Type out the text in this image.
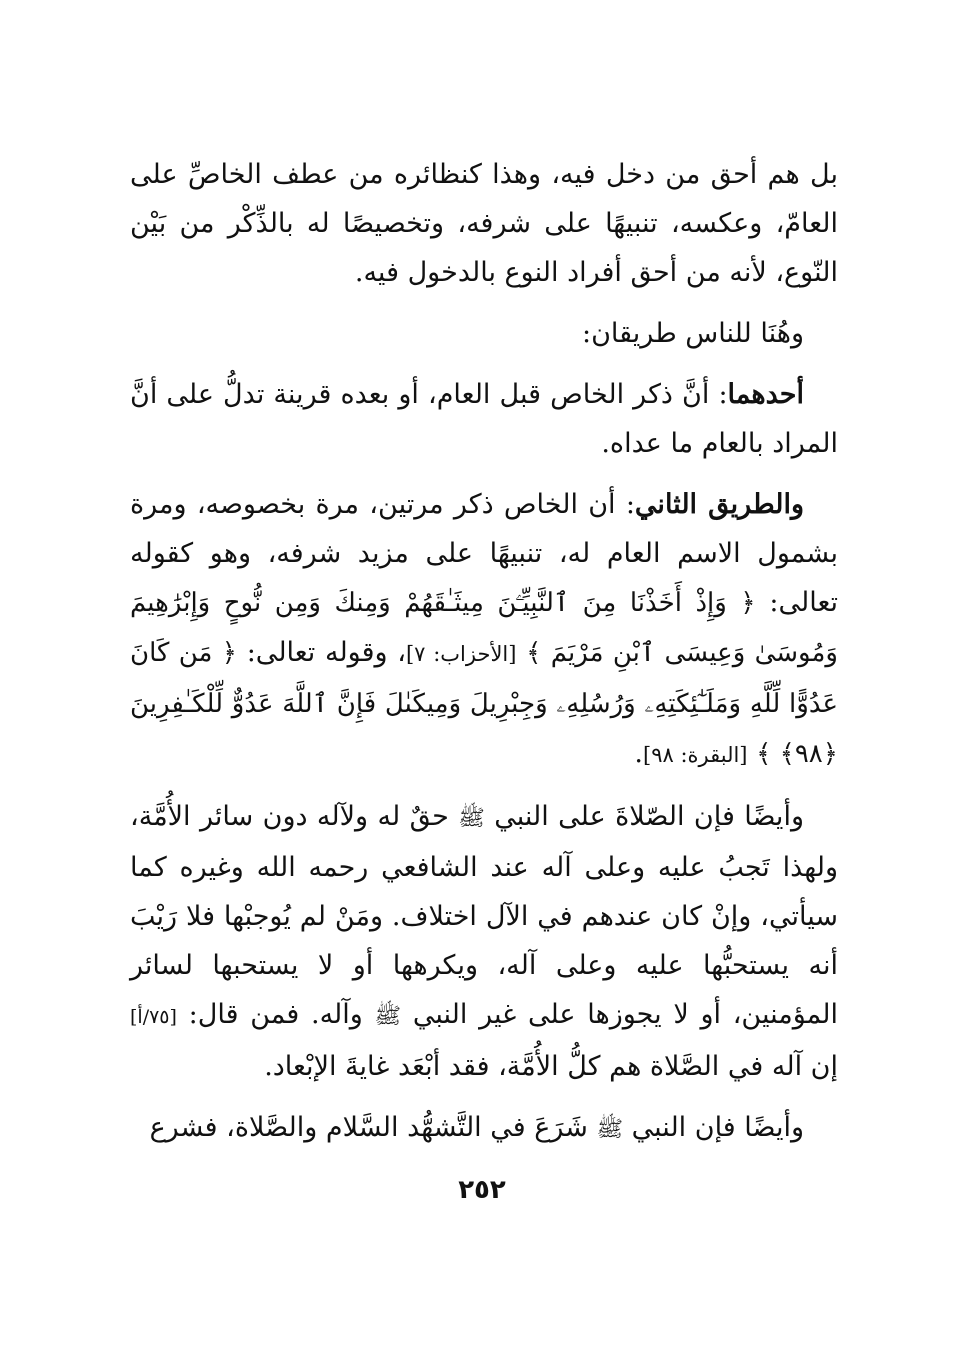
بل هم أحق من دخل فيه، وهذا كنظائره من عطف الخاصِّ على العامّ، وعكسه، تنبيهًا على شرفه، وتخصيصًا له بالذِّكْر من بَيْن النّوع، لأنه من أحق أفراد النوع بالدخول فيه.

وهُنَا للناس طريقان:

أحدهما: أنَّ ذكر الخاص قبل العام، أو بعده قرينة تدلُّ على أنَّ المراد بالعام ما عداه.

والطريق الثاني: أن الخاص ذكر مرتين، مرة بخصوصه، ومرة بشمول الاسم العام له، تنبيهًا على مزيد شرفه، وهو كقوله تعالى: ﴿ وَإِذْ أَخَذْنَا مِنَ ٱلنَّبِيِّـۧنَ مِيثَـٰقَهُمْ وَمِنكَ وَمِن نُّوحٍ وَإِبْرَٰهِيمَ وَمُوسَىٰ وَعِيسَى ٱبْنِ مَرْيَمَ ﴾ [الأحزاب: ٧]، وقوله تعالى: ﴿ مَن كَانَ عَدُوًّا لِّلَّهِ وَمَلَـٰٓئِكَتِهِۦ وَرُسُلِهِۦ وَجِبْرِيلَ وَمِيكَىٰلَ فَإِنَّ ٱللَّهَ عَدُوٌّ لِّلْكَـٰفِرِينَ ﴿٩٨﴾ ﴾ [البقرة: ٩٨].

وأيضًا فإن الصّلاةَ على النبي ﷺ حقٌ له ولآله دون سائر الأُمَّة، ولهذا تَجبُ عليه وعلى آله عند الشافعي رحمه الله وغيره كما سيأتي، وإنْ كان عندهم في الآل اختلاف. ومَنْ لم يُوجبْها فلا رَيْبَ أنه يستحبُّها عليه وعلى آله، ويكرهها أو لا يستحبها لسائر المؤمنين، أو لا يجوزها على غير النبي ﷺ وآله. فمن قال: [٧٥/أ] إن آله في الصَّلاة هم كلُّ الأُمَّة، فقد أبْعَد غايةَ الإبْعاد.

وأيضًا فإن النبي ﷺ شَرَعَ في التَّشهُّد السَّلام والصَّلاة، فشرع

٢٥٢
